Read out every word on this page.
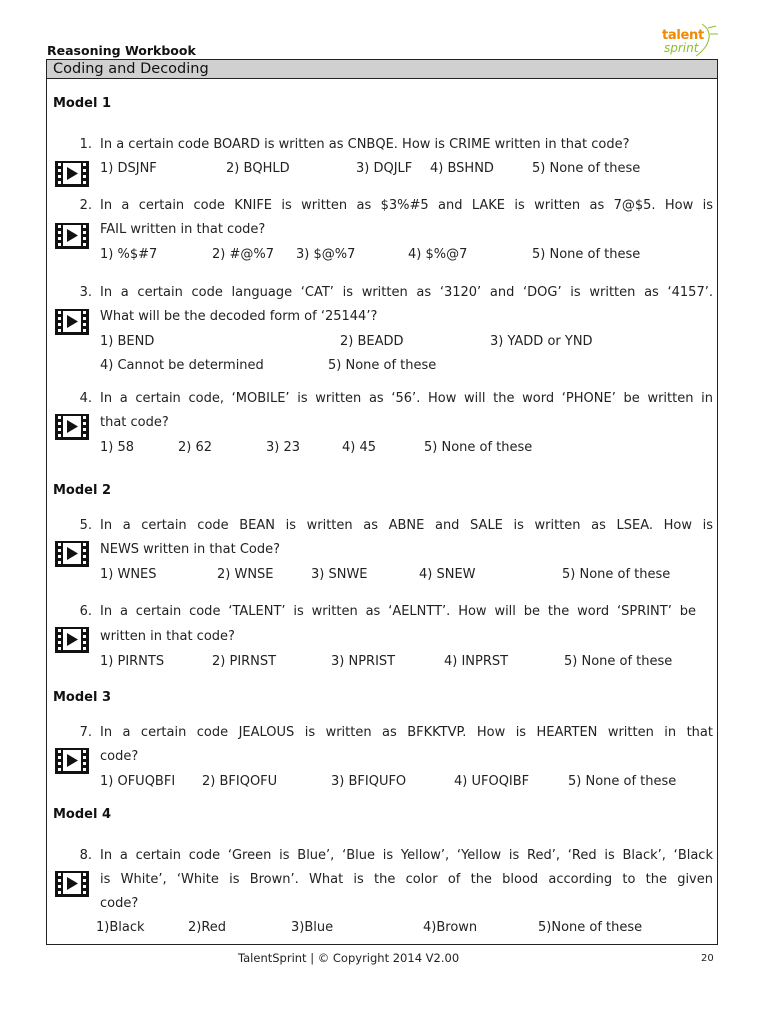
Reasoning Workbook
talent
sprint
Coding and Decoding
Model 1
Model 2
Model 3
Model 4
1. In a certain code BOARD is written as CNBQE. How is CRIME written in that code?
1) DSJNF	2) BQHLD	3) DQJLF 4) BSHND	5) None of these
2. In a certain code KNIFE is written as $3%#5 and LAKE is written as 7@$5. How is
FAIL written in that code?
1) %$#7	2) #@%7 3) $@%7	4) $%@7	5) None of these
3. In a certain code language ‘CAT’ is written as ‘3120’ and ‘DOG’ is written as ‘4157’.
What will be the decoded form of ‘25144’?
1) BEND	2) BEADD	3) YADD or YND
4) Cannot be determined	5) None of these
4. In a certain code, ‘MOBILE’ is written as ‘56’. How will the word ‘PHONE’ be written in
that code?
1) 58	2) 62	3) 23	4) 45	5) None of these
5. In a certain code BEAN is written as ABNE and SALE is written as LSEA. How is
NEWS written in that Code?
1) WNES	2) WNSE	3) SNWE	4) SNEW	5) None of these
6. In a certain code ‘TALENT’ is written as ‘AELNTT’. How will be the word ‘SPRINT’ be
written in that code?
1) PIRNTS	2) PIRNST	3) NPRIST	4) INPRST	5) None of these
7. In a certain code JEALOUS is written as BFKKTVP. How is HEARTEN written in that
code?
1) OFUQBFI 2) BFIQOFU	3) BFIQUFO	4) UFOQIBF	5) None of these
8. In a certain code ‘Green is Blue’, ‘Blue is Yellow’, ‘Yellow is Red’, ‘Red is Black’, ‘Black
is White’, ‘White is Brown’. What is the color of the blood according to the given
code?
1)Black	2)Red	3)Blue	4)Brown	5)None of these
TalentSprint | © Copyright 2014 V2.00	20
